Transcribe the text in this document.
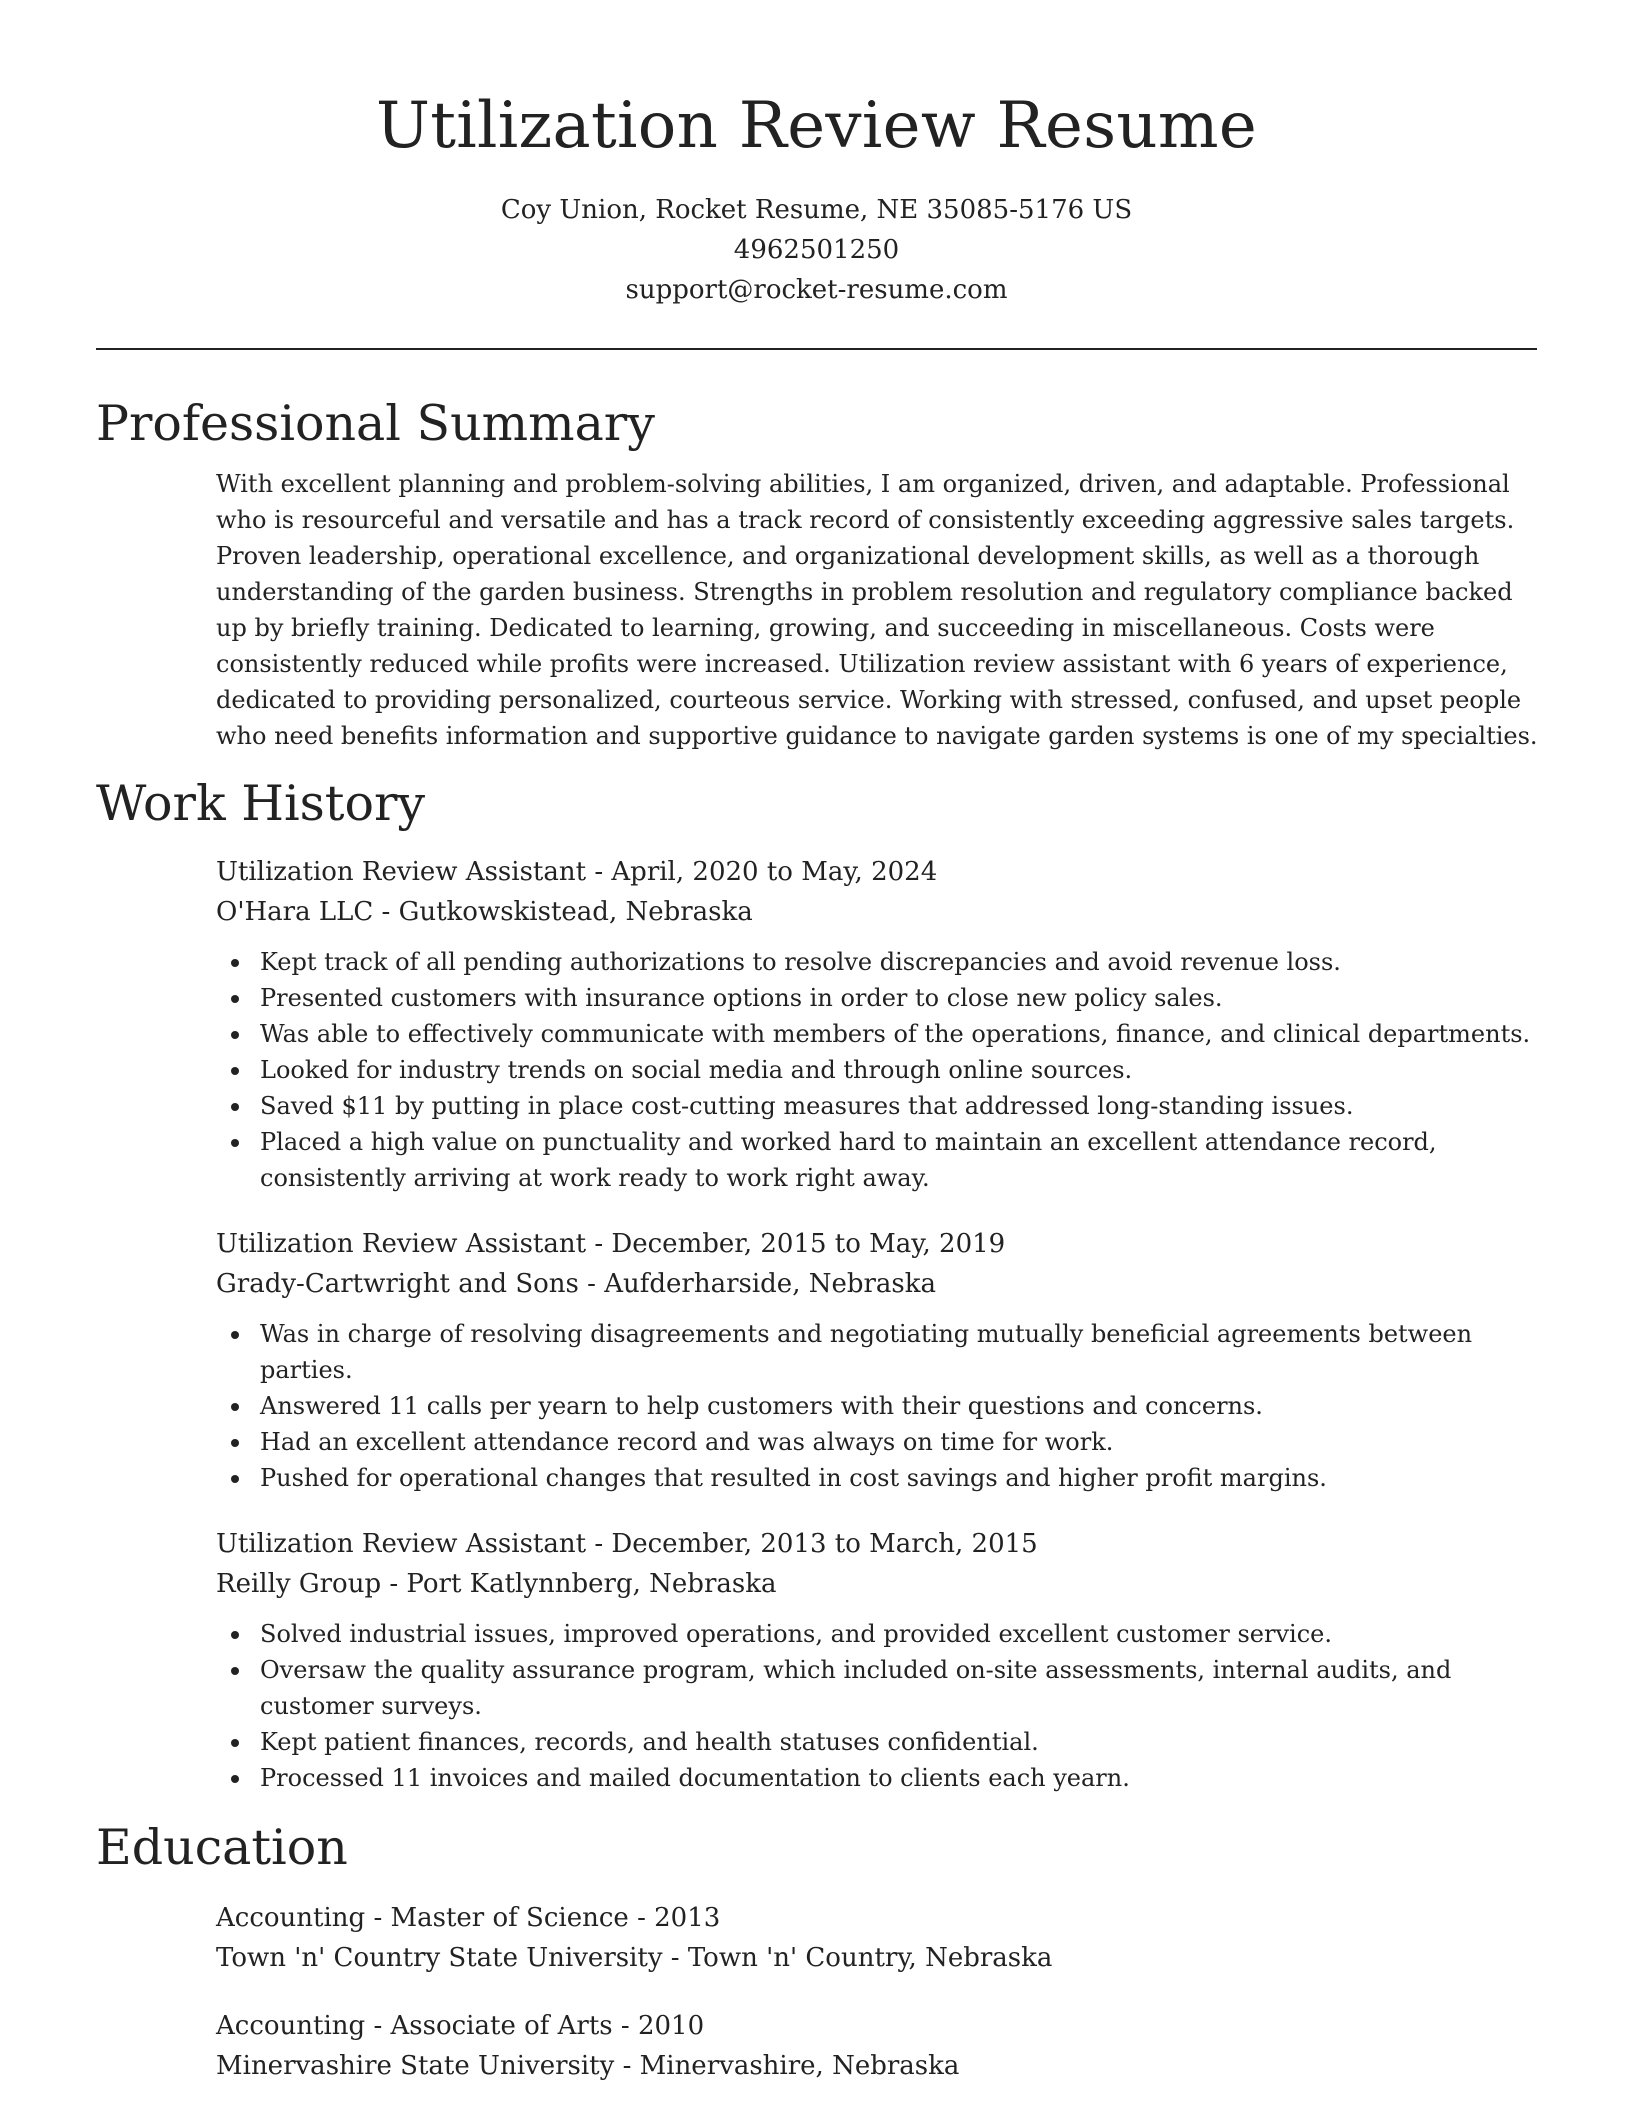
Utilization Review Resume
Coy Union, Rocket Resume, NE 35085-5176 US
4962501250
support@rocket-resume.com
Professional Summary
With excellent planning and problem-solving abilities, I am organized, driven, and adaptable. Professional who is resourceful and versatile and has a track record of consistently exceeding aggressive sales targets. Proven leadership, operational excellence, and organizational development skills, as well as a thorough understanding of the garden business. Strengths in problem resolution and regulatory compliance backed up by briefly training. Dedicated to learning, growing, and succeeding in miscellaneous. Costs were consistently reduced while profits were increased. Utilization review assistant with 6 years of experience, dedicated to providing personalized, courteous service. Working with stressed, confused, and upset people who need benefits information and supportive guidance to navigate garden systems is one of my specialties.
Work History
Utilization Review Assistant - April, 2020 to May, 2024
O'Hara LLC - Gutkowskistead, Nebraska
Kept track of all pending authorizations to resolve discrepancies and avoid revenue loss.
Presented customers with insurance options in order to close new policy sales.
Was able to effectively communicate with members of the operations, finance, and clinical departments.
Looked for industry trends on social media and through online sources.
Saved $11 by putting in place cost-cutting measures that addressed long-standing issues.
Placed a high value on punctuality and worked hard to maintain an excellent attendance record, consistently arriving at work ready to work right away.
Utilization Review Assistant - December, 2015 to May, 2019
Grady-Cartwright and Sons - Aufderharside, Nebraska
Was in charge of resolving disagreements and negotiating mutually beneficial agreements between parties.
Answered 11 calls per yearn to help customers with their questions and concerns.
Had an excellent attendance record and was always on time for work.
Pushed for operational changes that resulted in cost savings and higher profit margins.
Utilization Review Assistant - December, 2013 to March, 2015
Reilly Group - Port Katlynnberg, Nebraska
Solved industrial issues, improved operations, and provided excellent customer service.
Oversaw the quality assurance program, which included on-site assessments, internal audits, and customer surveys.
Kept patient finances, records, and health statuses confidential.
Processed 11 invoices and mailed documentation to clients each yearn.
Education
Accounting - Master of Science - 2013
Town 'n' Country State University - Town 'n' Country, Nebraska
Accounting - Associate of Arts - 2010
Minervashire State University - Minervashire, Nebraska
